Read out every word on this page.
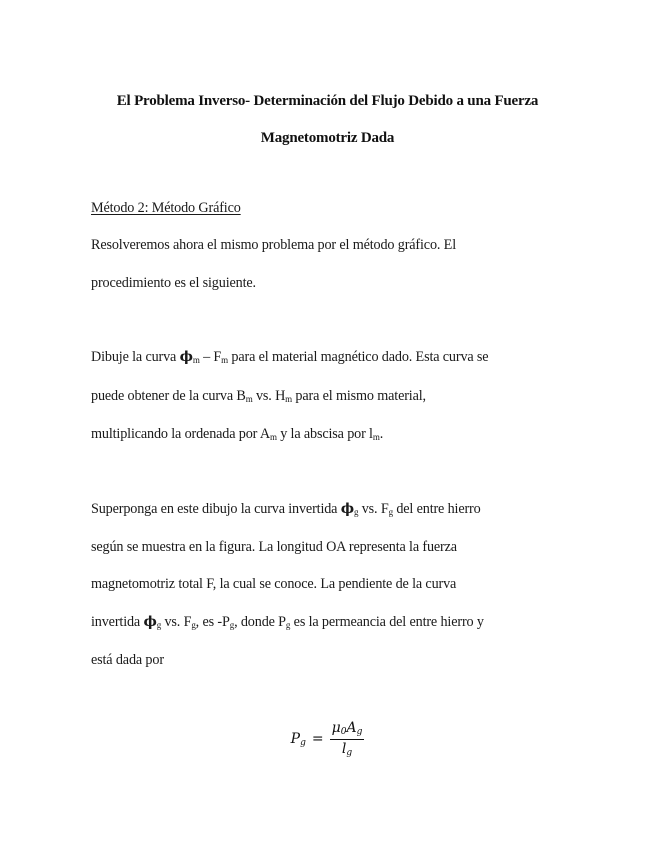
El Problema Inverso- Determinación del Flujo Debido a una Fuerza
Magnetomotriz Dada
Método 2: Método Gráfico
Resolveremos ahora el mismo problema por el método gráfico. El
procedimiento es el siguiente.
Dibuje la curva $\phi_m - F_m$ para el material magnético dado. Esta curva se
puede obtener de la curva $B_m$ vs. $H_m$ para el mismo material,
multiplicando la ordenada por $A_m$ y la abscisa por $l_m$.
Superponga en este dibujo la curva invertida $\phi_g$ vs. $F_g$ del entre hierro
según se muestra en la figura. La longitud OA representa la fuerza
magnetomotriz total F, la cual se conoce. La pendiente de la curva
invertida $\phi_g$ vs. $F_g$, es $-P_g$, donde $P_g$ es la permeancia del entre hierro y
está dada por
$P_g = \frac{\mu_0A_g}{l_g}$
